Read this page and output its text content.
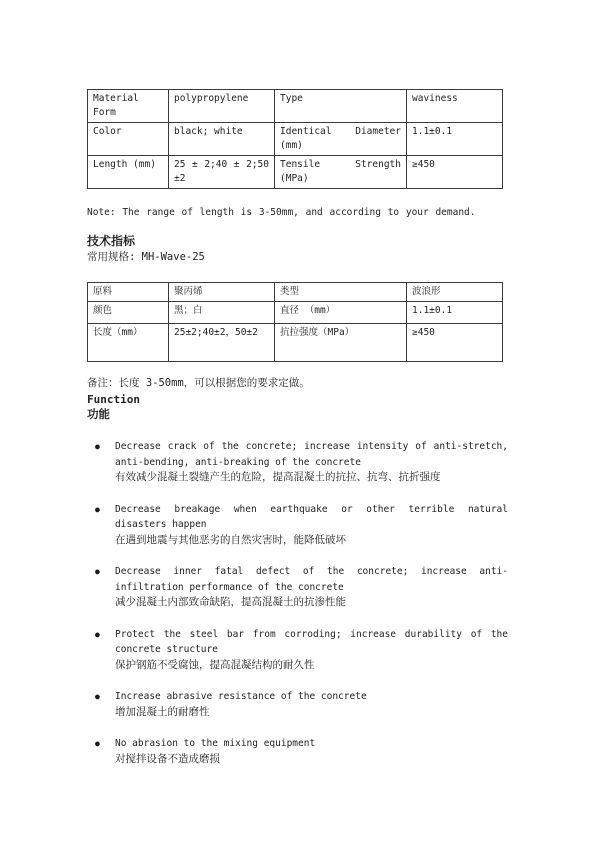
Material Form	polypropylene	Type	waviness
Color	black; white	Identical Diameter (mm)	1.1±0.1
Length (mm)	25 ± 2;40 ± 2;50 ±2	Tensile Strength (MPa)	≥450
Note: The range of length is 3-50mm, and according to your demand.
技术指标
常用规格: MH-Wave-25
原料	聚丙烯	类型	波浪形
颜色	黑；白	直径 （mm）	1.1±0.1
长度（mm）	25±2;40±2，50±2	抗拉强度（MPa）	≥450
备注：长度 3-50mm，可以根据您的要求定做。
Function
功能
●	Decrease crack of the concrete; increase intensity of anti-stretch, anti-bending, anti-breaking of the concrete
有效减少混凝土裂缝产生的危险，提高混凝土的抗拉、抗弯、抗折强度
●	Decrease breakage when earthquake or other terrible natural disasters happen
在遇到地震与其他恶劣的自然灾害时，能降低破坏
●	Decrease inner fatal defect of the concrete; increase anti-infiltration performance of the concrete
减少混凝土内部致命缺陷，提高混凝土的抗渗性能
●	Protect the steel bar from corroding; increase durability of the concrete structure
保护钢筋不受腐蚀，提高混凝结构的耐久性
●	Increase abrasive resistance of the concrete
增加混凝土的耐磨性
●	No abrasion to the mixing equipment
对搅拌设备不造成磨损
